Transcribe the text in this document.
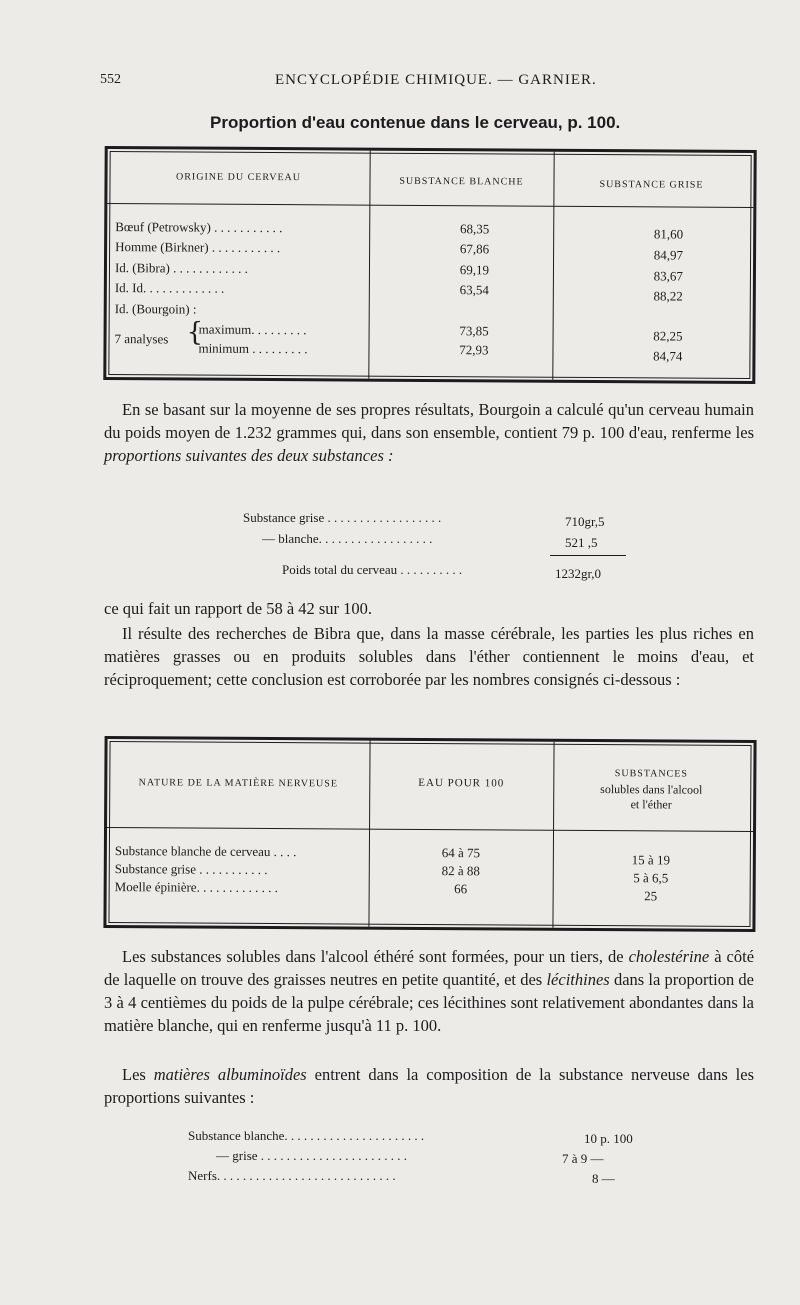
552	ENCYCLOPÉDIE CHIMIQUE. — GARNIER.
Proportion d'eau contenue dans le cerveau, p. 100.
ORIGINE DU CERVEAU	SUBSTANCE BLANCHE	SUBSTANCE GRISE
Bœuf (Petrowsky) . . . . . . . . . . .	68,35	81,60
Homme (Birkner) . . . . . . . . . . .	67,86	84,97
Id. (Bibra) . . . . . . . . . . . .	69,19	83,67
Id. Id. . . . . . . . . . . . .	63,54	88,22
Id. (Bourgoin) :
7 analyses {
maximum. . . . . . . . .	73,85	82,25
minimum . . . . . . . . .	72,93	84,74
En se basant sur la moyenne de ses propres résultats, Bourgoin a calculé qu'un cerveau humain du poids moyen de 1.232 grammes qui, dans son ensemble, contient 79 p. 100 d'eau, renferme les proportions suivantes des deux substances :
Substance grise . . . . . . . . . . . . . . . . . .	710gr,5
— blanche. . . . . . . . . . . . . . . . . .	521 ,5
Poids total du cerveau . . . . . . . . . .	1232gr,0
ce qui fait un rapport de 58 à 42 sur 100.
Il résulte des recherches de Bibra que, dans la masse cérébrale, les parties les plus riches en matières grasses ou en produits solubles dans l'éther contiennent le moins d'eau, et réciproquement; cette conclusion est corroborée par les nombres consignés ci-dessous :
NATURE DE LA MATIÈRE NERVEUSE	EAU POUR 100
SUBSTANCES
solubles dans l'alcool
et l'éther
Substance blanche de cerveau . . . .	64 à 75	15 à 19
Substance grise . . . . . . . . . . .	82 à 88	5 à 6,5
Moelle épinière. . . . . . . . . . . . .	66	25
Les substances solubles dans l'alcool éthéré sont formées, pour un tiers, de cholestérine à côté de laquelle on trouve des graisses neutres en petite quantité, et des lécithines dans la proportion de 3 à 4 centièmes du poids de la pulpe cérébrale; ces lécithines sont relativement abondantes dans la matière blanche, qui en renferme jusqu'à 11 p. 100.
Les matières albuminoïdes entrent dans la composition de la substance nerveuse dans les proportions suivantes :
Substance blanche. . . . . . . . . . . . . . . . . . . . . .	10 p. 100
— grise . . . . . . . . . . . . . . . . . . . . . . .	7 à 9 —
Nerfs. . . . . . . . . . . . . . . . . . . . . . . . . . . .	8 —
